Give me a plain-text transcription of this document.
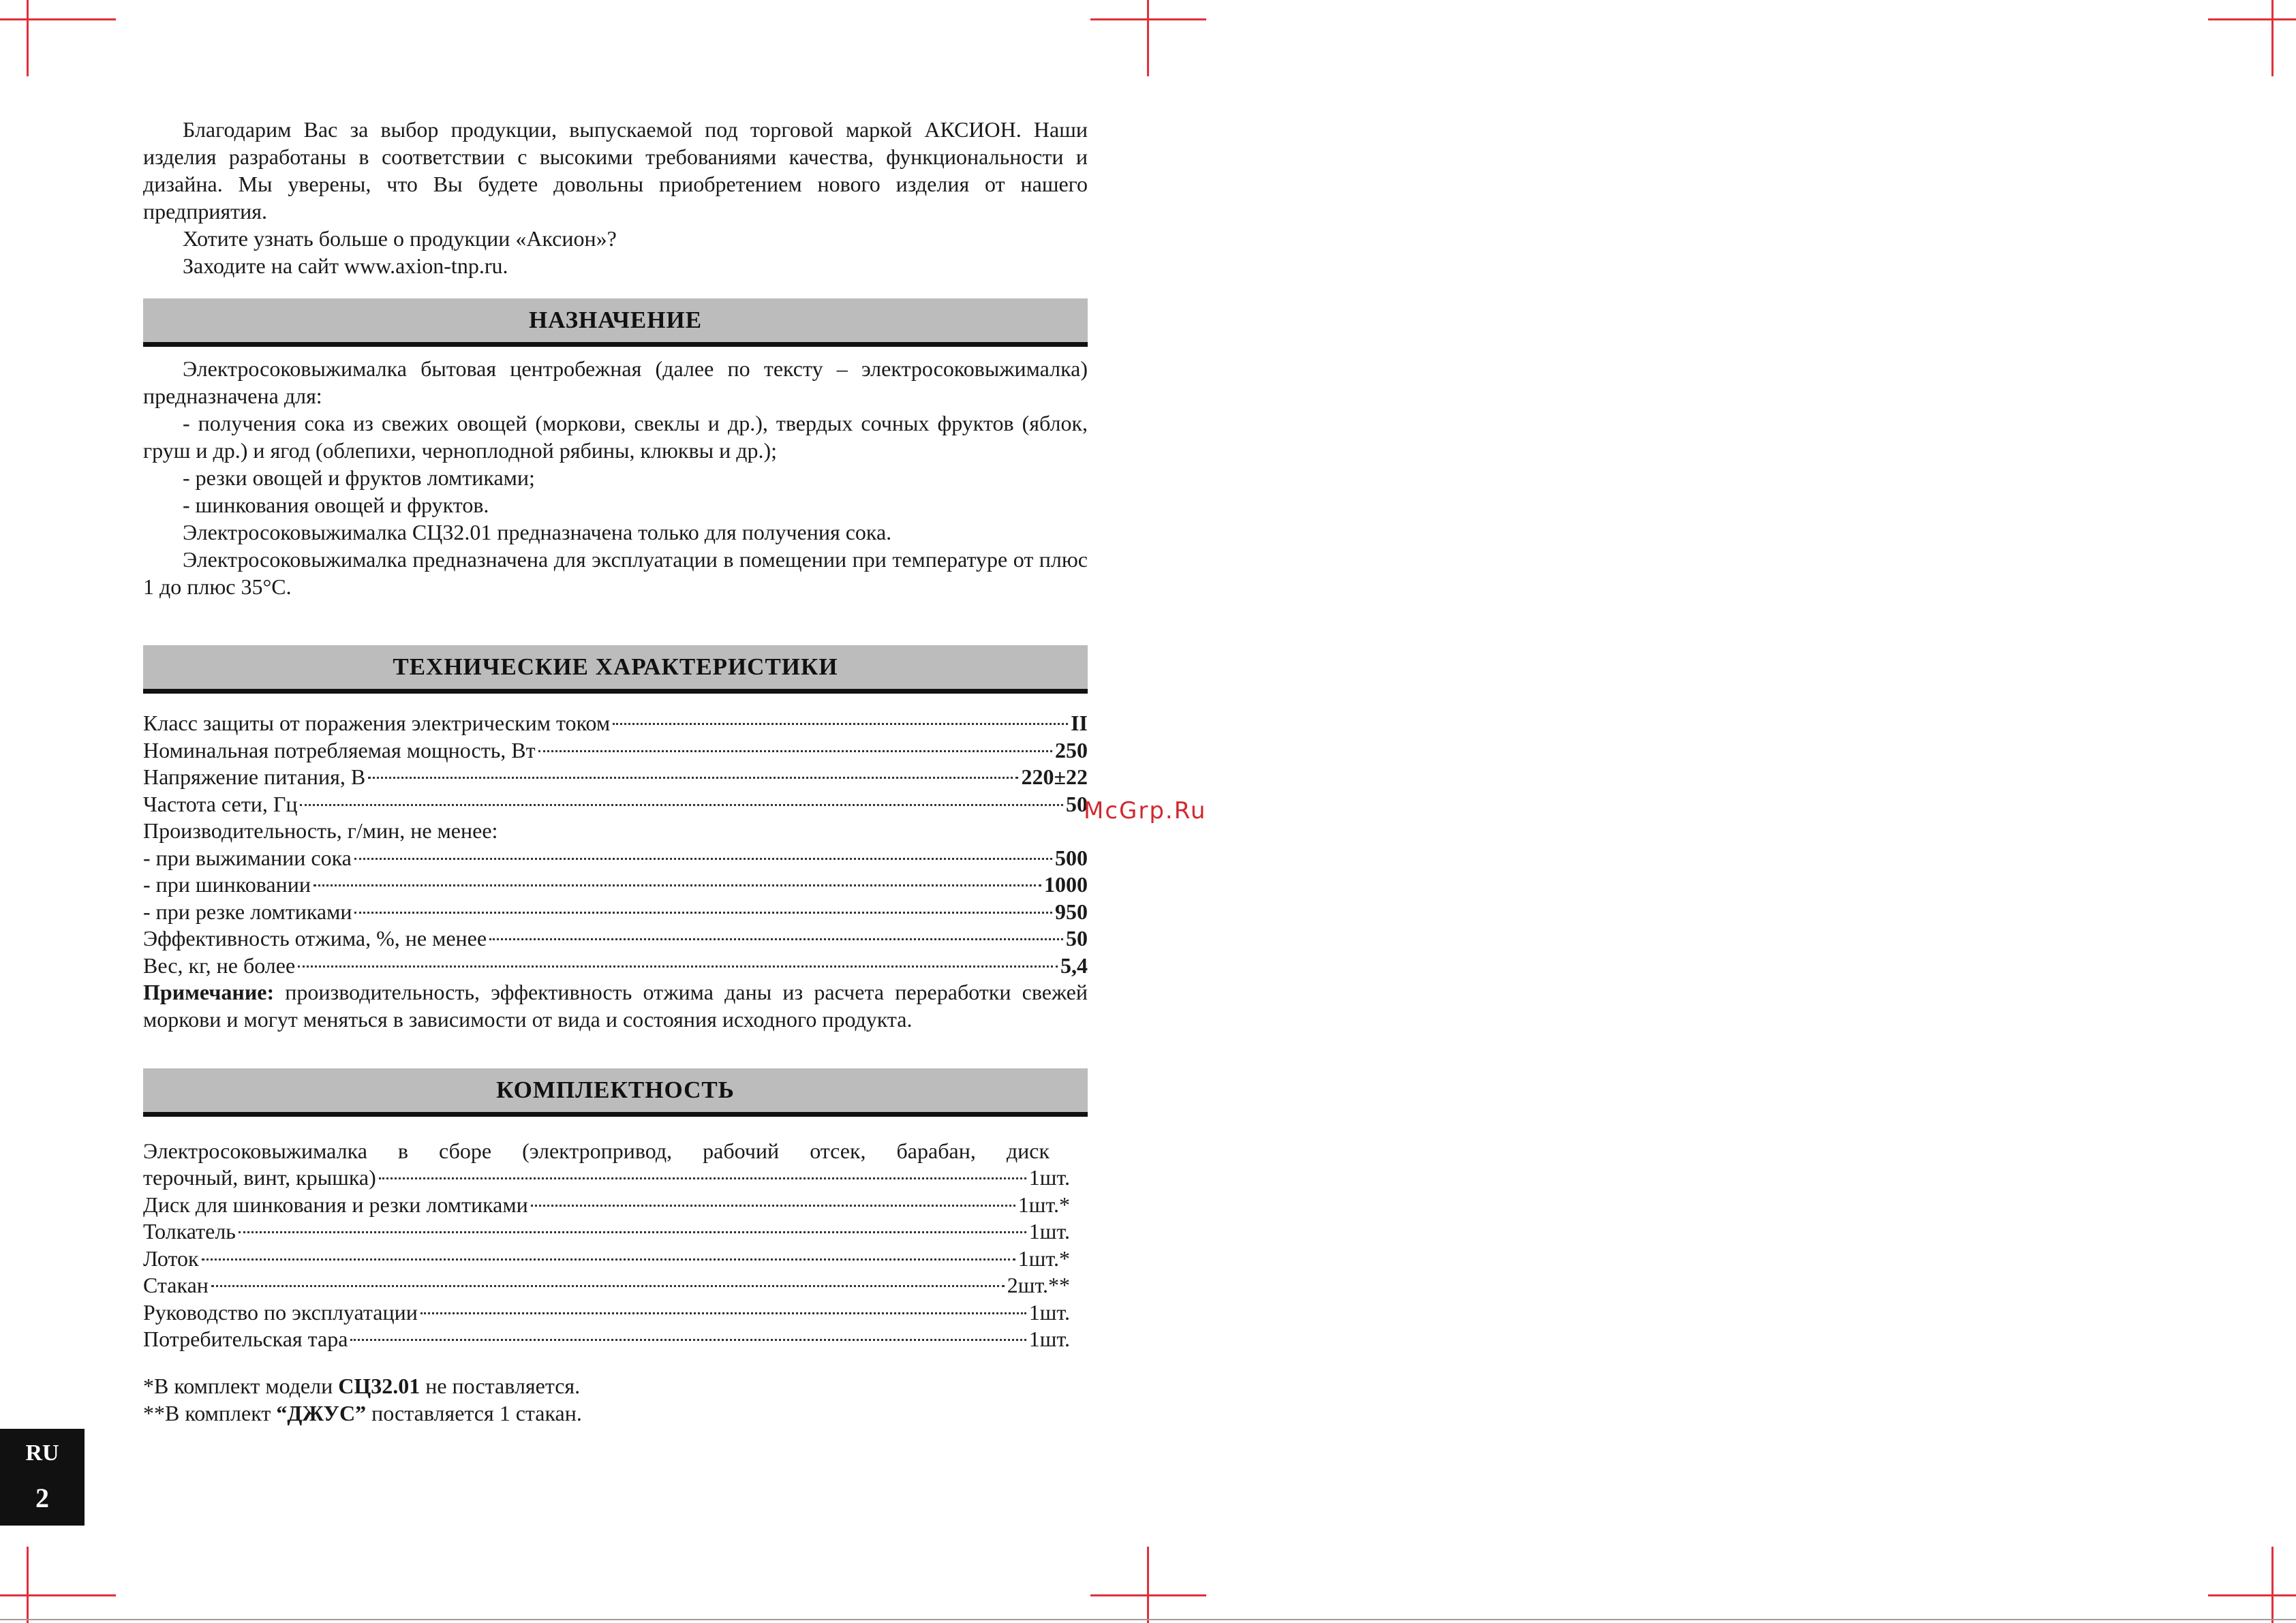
Благодарим Вас за выбор продукции, выпускаемой под торговой маркой АКСИОН. Наши изделия разработаны в соответствии с высокими требованиями качества, функциональности и дизайна. Мы уверены, что Вы будете довольны приобретением нового изделия от нашего предприятия.

Хотите узнать больше о продукции «Аксион»?

Заходите на сайт www.axion-tnp.ru.

НАЗНАЧЕНИЕ

Электросоковыжималка бытовая центробежная (далее по тексту – электросоковыжималка) предназначена для:

- получения сока из свежих овощей (моркови, свеклы и др.), твердых сочных фруктов (яблок, груш и др.) и ягод (облепихи, черноплодной рябины, клюквы и др.);

- резки овощей и фруктов ломтиками;

- шинкования овощей и фруктов.

Электросоковыжималка СЦ32.01 предназначена только для получения сока.

Электросоковыжималка предназначена для эксплуатации в помещении при температуре от плюс 1 до плюс 35°С.

ТЕХНИЧЕСКИЕ ХАРАКТЕРИСТИКИ
Класс защиты от поражения электрическим током	II
Номинальная потребляемая мощность, Вт	250
Напряжение питания, В	220±22
Частота сети, Гц	50
Производительность, г/мин, не менее:
- при выжимании сока	500
- при шинковании	1000
- при резке ломтиками	950
Эффективность отжима, %, не менее	50
Вес, кг, не более	5,4

Примечание: производительность, эффективность отжима даны из расчета переработки свежей моркови и могут меняться в зависимости от вида и состояния исходного продукта.

КОМПЛЕКТНОСТЬ

Электросоковыжималка в сборе (электропривод, рабочий отсек, барабан, диск

терочный, винт, крышка)	1шт.
Диск для шинкования и резки ломтиками	1шт.*
Толкатель	1шт.
Лоток	1шт.*
Стакан	2шт.**
Руководство по эксплуатации	1шт.
Потребительская тара	1шт.

*В комплект модели СЦ32.01 не поставляется.

**В комплект “ДЖУС” поставляется 1 стакан.

McGrp.Ru
RU
2
